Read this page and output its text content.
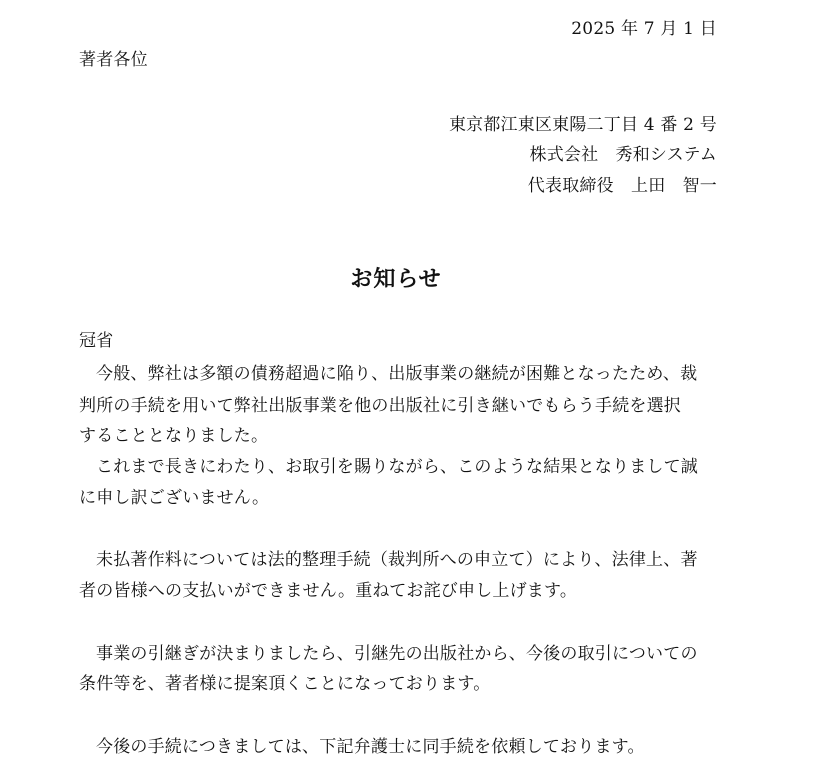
2025 年 7 月 1 日
著者各位
東京都江東区東陽二丁目 4 番 2 号
株式会社　秀和システム
代表取締役　上田　智一
お知らせ
冠省
今般、弊社は多額の債務超過に陥り、出版事業の継続が困難となったため、裁
判所の手続を用いて弊社出版事業を他の出版社に引き継いでもらう手続を選択
することとなりました。
これまで長きにわたり、お取引を賜りながら、このような結果となりまして誠
に申し訳ございません。
未払著作料については法的整理手続（裁判所への申立て）により、法律上、著
者の皆様への支払いができません。重ねてお詫び申し上げます。
事業の引継ぎが決まりましたら、引継先の出版社から、今後の取引についての
条件等を、著者様に提案頂くことになっております。
今後の手続につきましては、下記弁護士に同手続を依頼しております。
